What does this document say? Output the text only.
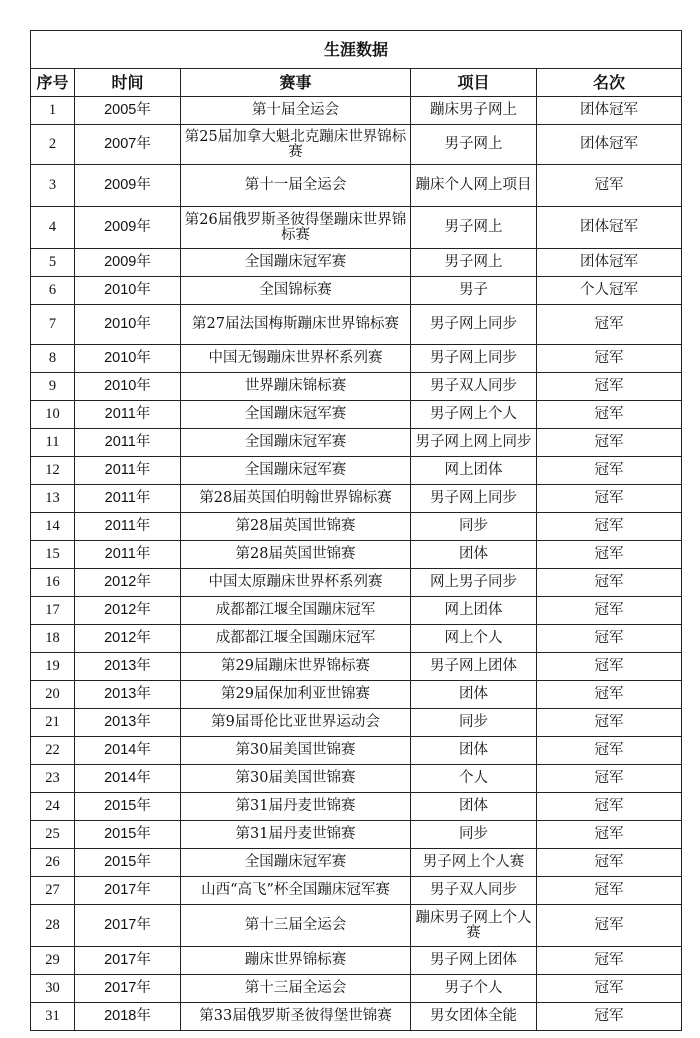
生涯数据				
序号	时间	赛事	项目	名次
1	2005年	第十届全运会	蹦床男子网上	团体冠军
2	2007年	第25届加拿大魁北克蹦床世界锦标赛	男子网上	团体冠军
3	2009年	第十一届全运会	蹦床个人网上项目	冠军
4	2009年	第26届俄罗斯圣彼得堡蹦床世界锦标赛	男子网上	团体冠军
5	2009年	全国蹦床冠军赛	男子网上	团体冠军
6	2010年	全国锦标赛	男子	个人冠军
7	2010年	第27届法国梅斯蹦床世界锦标赛	男子网上同步	冠军
8	2010年	中国无锡蹦床世界杯系列赛	男子网上同步	冠军
9	2010年	世界蹦床锦标赛	男子双人同步	冠军
10	2011年	全国蹦床冠军赛	男子网上个人	冠军
11	2011年	全国蹦床冠军赛	男子网上网上同步	冠军
12	2011年	全国蹦床冠军赛	网上团体	冠军
13	2011年	第28届英国伯明翰世界锦标赛	男子网上同步	冠军
14	2011年	第28届英国世锦赛	同步	冠军
15	2011年	第28届英国世锦赛	团体	冠军
16	2012年	中国太原蹦床世界杯系列赛	网上男子同步	冠军
17	2012年	成都都江堰全国蹦床冠军	网上团体	冠军
18	2012年	成都都江堰全国蹦床冠军	网上个人	冠军
19	2013年	第29届蹦床世界锦标赛	男子网上团体	冠军
20	2013年	第29届保加利亚世锦赛	团体	冠军
21	2013年	第9届哥伦比亚世界运动会	同步	冠军
22	2014年	第30届美国世锦赛	团体	冠军
23	2014年	第30届美国世锦赛	个人	冠军
24	2015年	第31届丹麦世锦赛	团体	冠军
25	2015年	第31届丹麦世锦赛	同步	冠军
26	2015年	全国蹦床冠军赛	男子网上个人赛	冠军
27	2017年	山西“高飞”杯全国蹦床冠军赛	男子双人同步	冠军
28	2017年	第十三届全运会	蹦床男子网上个人赛	冠军
29	2017年	蹦床世界锦标赛	男子网上团体	冠军
30	2017年	第十三届全运会	男子个人	冠军
31	2018年	第33届俄罗斯圣彼得堡世锦赛	男女团体全能	冠军
